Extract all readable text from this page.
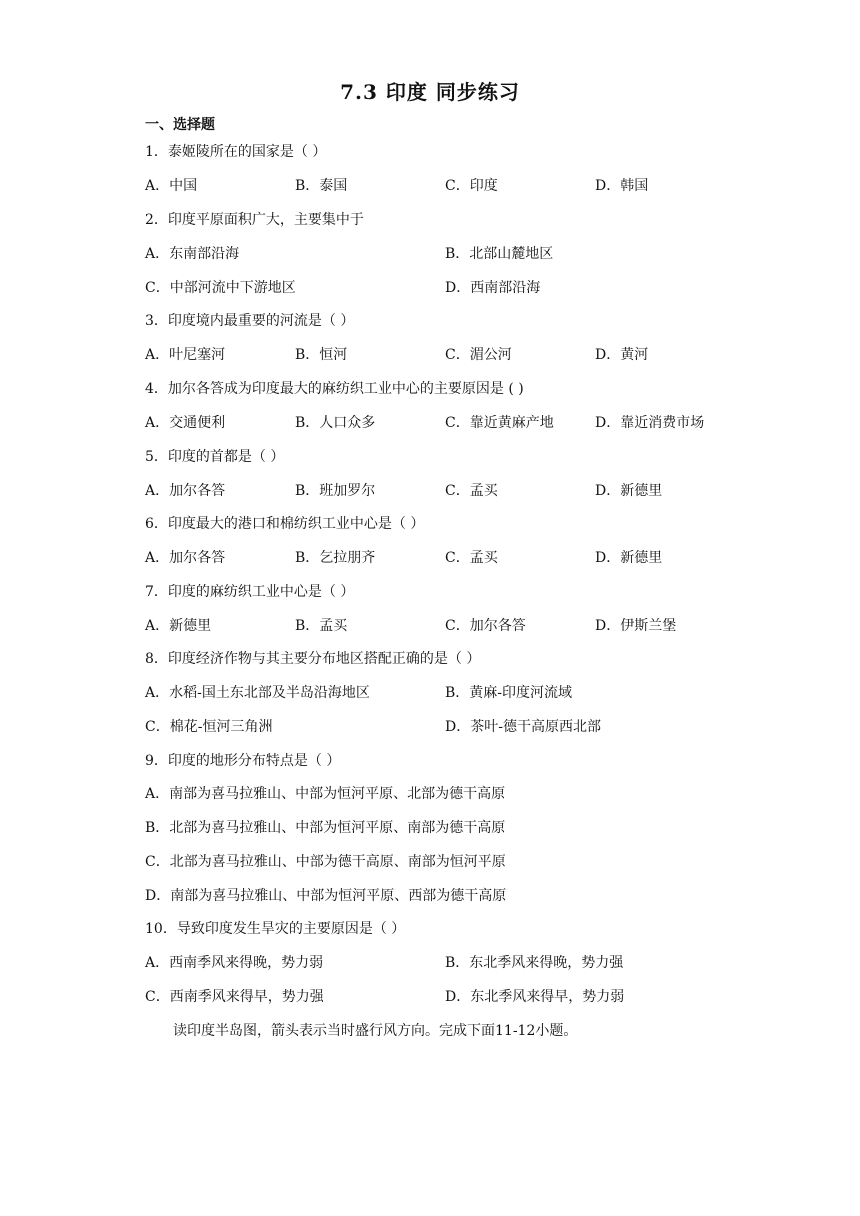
7.3 印度 同步练习
一、选择题
1．泰姬陵所在的国家是（ ）
A．中国	B．泰国	C．印度	D．韩国
2．印度平原面积广大，主要集中于
A．东南部沿海	B．北部山麓地区
C．中部河流中下游地区	D．西南部沿海
3．印度境内最重要的河流是（ ）
A．叶尼塞河	B．恒河	C．湄公河	D．黄河
4．加尔各答成为印度最大的麻纺织工业中心的主要原因是 ( )
A．交通便利	B．人口众多	C．靠近黄麻产地	D．靠近消费市场
5．印度的首都是（ ）
A．加尔各答	B．班加罗尔	C．孟买	D．新德里
6．印度最大的港口和棉纺织工业中心是（ ）
A．加尔各答	B．乞拉朋齐	C．孟买	D．新德里
7．印度的麻纺织工业中心是（ ）
A．新德里	B．孟买	C．加尔各答	D．伊斯兰堡
8．印度经济作物与其主要分布地区搭配正确的是（ ）
A．水稻-国土东北部及半岛沿海地区	B．黄麻-印度河流域
C．棉花-恒河三角洲	D．茶叶-德干高原西北部
9．印度的地形分布特点是（ ）
A．南部为喜马拉雅山、中部为恒河平原、北部为德干高原
B．北部为喜马拉雅山、中部为恒河平原、南部为德干高原
C．北部为喜马拉雅山、中部为德干高原、南部为恒河平原
D．南部为喜马拉雅山、中部为恒河平原、西部为德干高原
10．导致印度发生旱灾的主要原因是（ ）
A．西南季风来得晚，势力弱	B．东北季风来得晚，势力强
C．西南季风来得早，势力强	D．东北季风来得早，势力弱
读印度半岛图，箭头表示当时盛行风方向。完成下面11-12小题。
